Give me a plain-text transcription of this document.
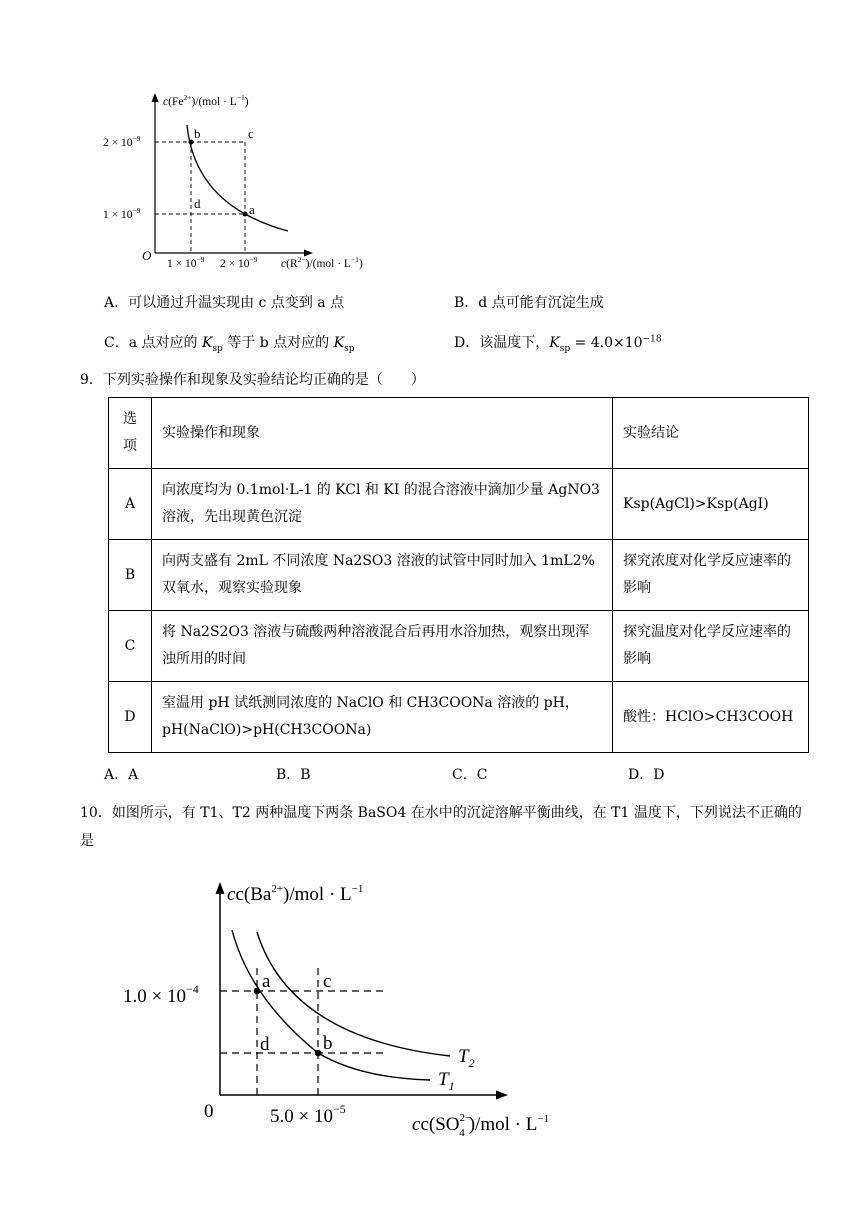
b	c
d	a
$c(Fe^{2+})/(mol \cdot L^{-1})$
$2 \times 10^{-9}$
$1 \times 10^{-9}$
O
$1 \times 10^{-9}$ $2 \times 10^{-9}$ $c(R^{2-})/(mol \cdot L^{-1})$
A．可以通过升温实现由 c 点变到 a 点	B．d 点可能有沉淀生成
C．a 点对应的 $K_{sp}$ 等于 b 点对应的 $K_{sp}$	D．该温度下，$K_{sp} = 4.0\times 10^{-18}$
9．下列实验操作和现象及实验结论均正确的是（　　）
选项	实验操作和现象	实验结论
A	向浓度均为 0.1mol·L-1 的 KCl 和 KI 的混合溶液中滴加少量 AgNO3 溶液，先出现黄色沉淀	Ksp(AgCl)>Ksp(AgI)
B	向两支盛有 2mL 不同浓度 Na2SO3 溶液的试管中同时加入 1mL2%双氧水，观察实验现象	探究浓度对化学反应速率的影响
C	将 Na2S2O3 溶液与硫酸两种溶液混合后再用水浴加热，观察出现浑浊所用的时间	探究温度对化学反应速率的影响
D	室温用 pH 试纸测同浓度的 NaClO 和 CH3COONa 溶液的 pH，pH(NaClO)>pH(CH3COONa)	酸性：HClO>CH3COOH
A．A	B．B	C．C	D．D
10．如图所示，有 T1、T2 两种温度下两条 BaSO4 在水中的沉淀溶解平衡曲线，在 T1 温度下，下列说法不正确的是
a	c
d	b
$T_2$
$T_1$
$cc(Ba^{2+})$/mol · $L^{-1}$
$1.0 \times 10^{-4}$
0	$5.0 \times 10^{-5}$
$cc(SO^{2-}$ 4 )$/mol \cdot L^{-1}$
